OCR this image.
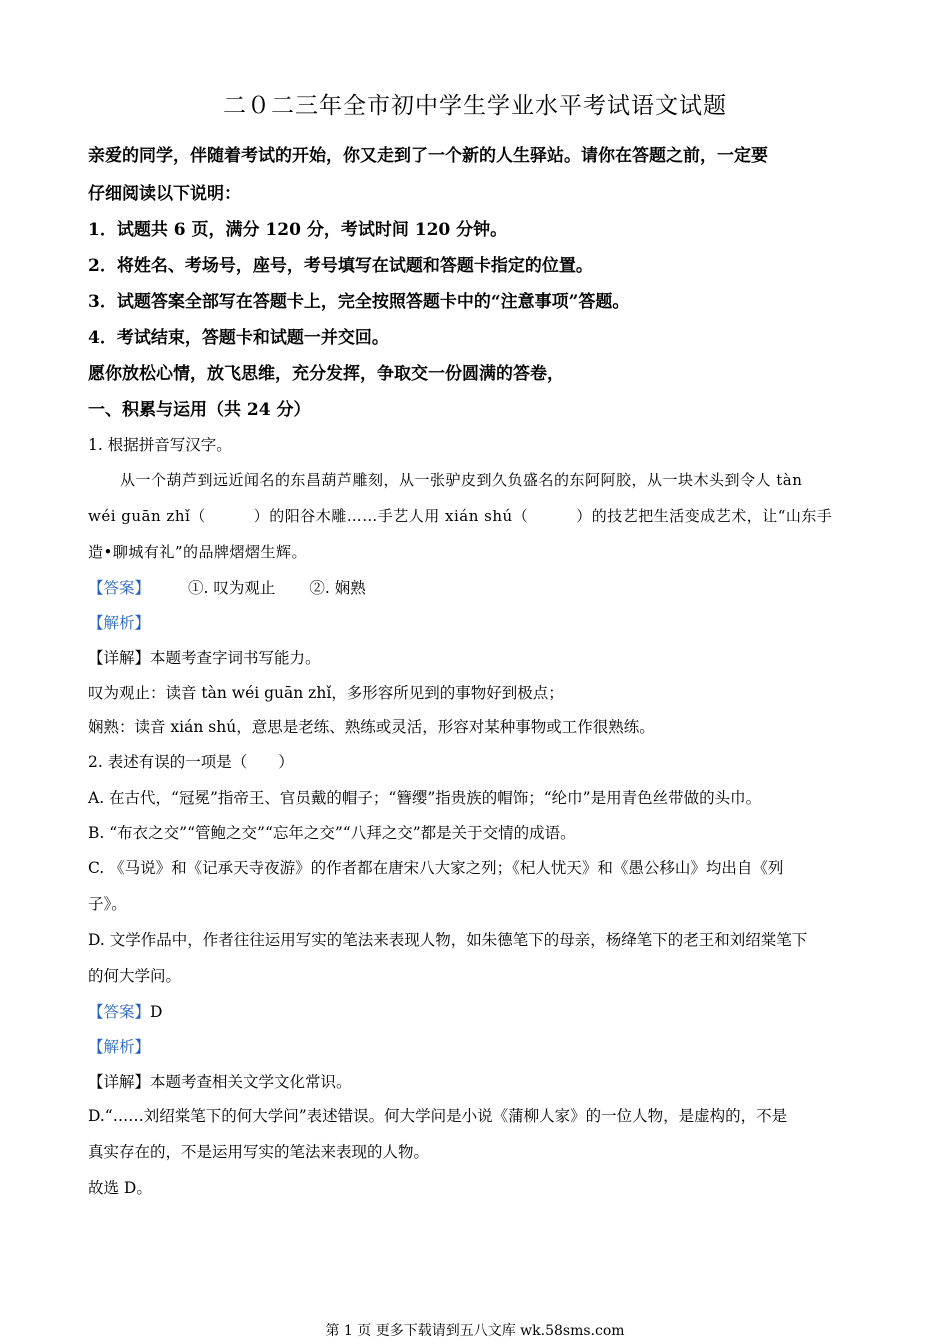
二０二三年全市初中学生学业水平考试语文试题
亲爱的同学，伴随着考试的开始，你又走到了一个新的人生驿站。请你在答题之前，一定要
仔细阅读以下说明：
1．试题共 6 页，满分 120 分，考试时间 120 分钟。
2．将姓名、考场号，座号，考号填写在试题和答题卡指定的位置。
3．试题答案全部写在答题卡上，完全按照答题卡中的“注意事项”答题。
4．考试结束，答题卡和试题一并交回。
愿你放松心情，放飞思维，充分发挥，争取交一份圆满的答卷，
一、积累与运用（共 24 分）
1. 根据拼音写汉字。
从一个葫芦到远近闻名的东昌葫芦雕刻，从一张驴皮到久负盛名的东阿阿胶，从一块木头到令人 tàn
wéi guān zhǐ（	）的阳谷木雕……手艺人用 xián shú（	）的技艺把生活变成艺术，让“山东手
造•聊城有礼”的品牌熠熠生辉。
【答案】 ①. 叹为观止 ②. 娴熟
【解析】
【详解】本题考查字词书写能力。
叹为观止：读音 tàn wéi guān zhǐ，多形容所见到的事物好到极点；
娴熟：读音 xián shú，意思是老练、熟练或灵活，形容对某种事物或工作很熟练。
2. 表述有误的一项是（　　）
A. 在古代，“冠冕”指帝王、官员戴的帽子；“簪缨”指贵族的帽饰；“纶巾”是用青色丝带做的头巾。
B. “布衣之交”“管鲍之交”“忘年之交”“八拜之交”都是关于交情的成语。
C. 《马说》和《记承天寺夜游》的作者都在唐宋八大家之列；《杞人忧天》和《愚公移山》均出自《列
子》。
D. 文学作品中，作者往往运用写实的笔法来表现人物，如朱德笔下的母亲，杨绛笔下的老王和刘绍棠笔下
的何大学问。
【答案】D
【解析】
【详解】本题考查相关文学文化常识。
D.“……刘绍棠笔下的何大学问”表述错误。何大学问是小说《蒲柳人家》的一位人物，是虚构的，不是
真实存在的，不是运用写实的笔法来表现的人物。
故选 D。
第 1 页 更多下载请到五八文库 wk.58sms.com
